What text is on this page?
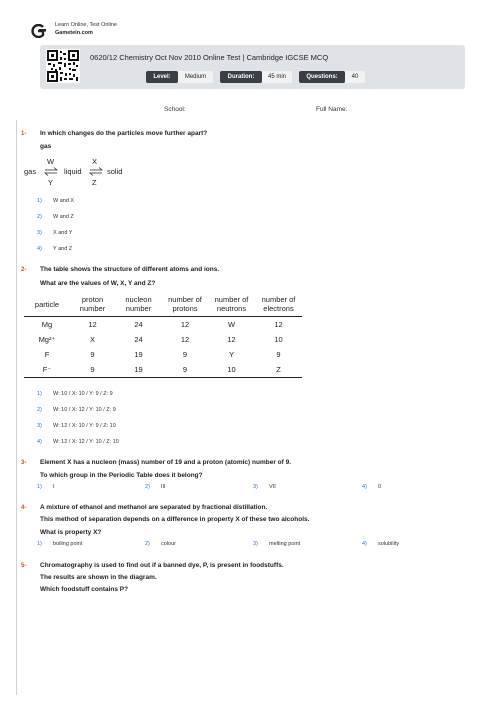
Learn Online, Test Online
Gametein.com
0620/12 Chemistry Oct Nov 2010 Online Test | Cambridge IGCSE MCQ
Level:	Medium	Duration:	45 min	Questions:	40
School:	Full Name:
1- In which changes do the particles move further apart?
gas
gas
W
Y
⇌ liquid
X
Z
⇌ solid
1) W and X
2) W and Z
3) X and Y
4) Y and Z
2- The table shows the structure of different atoms and ions.
What are the values of W, X, Y and Z?
particle	proton number	nucleon number	number of protons	number of neutrons	number of electrons
Mg	12	24	12	W	12
Mg²⁺	X	24	12	12	10
F	9	19	9	Y	9
F⁻	9	19	9	10	Z
1) W: 10 / X: 10 / Y: 9 / Z: 9
2) W: 10 / X: 12 / Y: 10 / Z: 9
3) W: 12 / X: 10 / Y: 9 / Z: 10
4) W: 12 / X: 12 / Y: 10 / Z: 10
3- Element X has a nucleon (mass) number of 19 and a proton (atomic) number of 9.
To which group in the Periodic Table does it belong?
1) I	2) III	3) VII	4) 0
4- A mixture of ethanol and methanol are separated by fractional distillation.
This method of separation depends on a difference in property X of these two alcohols.
What is property X?
1) boiling point	2) colour	3) melting point	4) solubility
5- Chromatography is used to find out if a banned dye, P, is present in foodstuffs.
The results are shown in the diagram.
Which foodstuff contains P?
